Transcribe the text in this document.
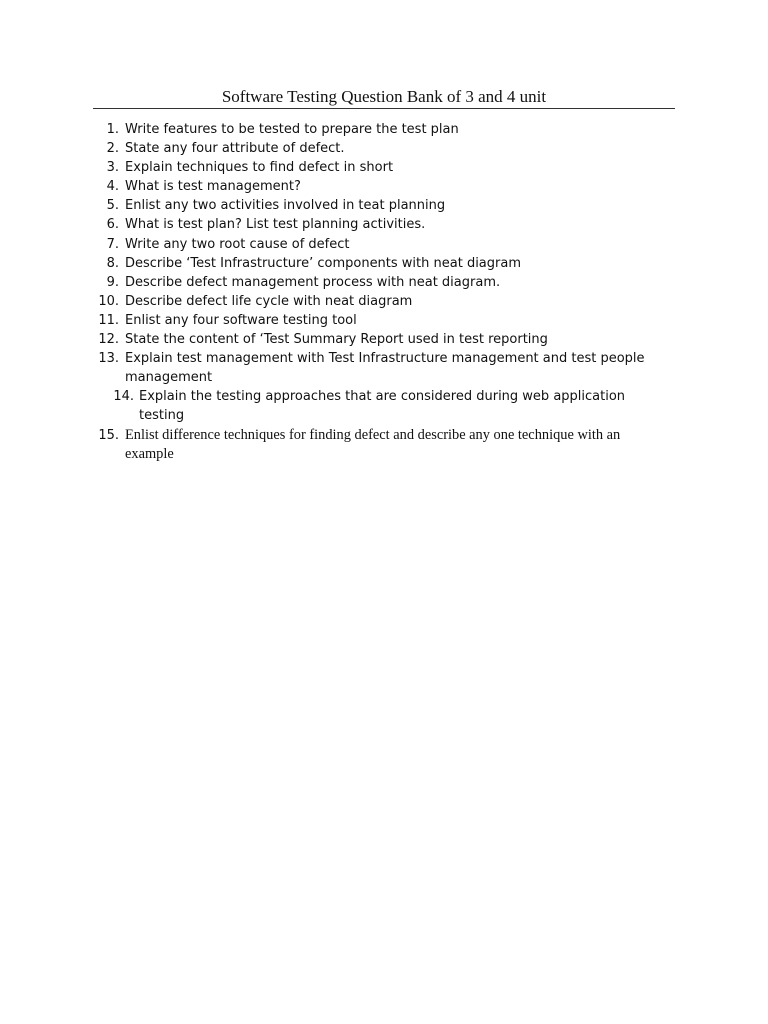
Software Testing Question Bank of 3 and 4 unit
1. Write features to be tested to prepare the test plan
2. State any four attribute of defect.
3. Explain techniques to find defect in short
4. What is test management?
5. Enlist any two activities involved in teat planning
6. What is test plan? List test planning activities.
7. Write any two root cause of defect
8. Describe ‘Test Infrastructure’ components with neat diagram
9. Describe defect management process with neat diagram.
10. Describe defect life cycle with neat diagram
11. Enlist any four software testing tool
12. State the content of ‘Test Summary Report used in test reporting
13. Explain test management with Test Infrastructure management and test people management
14. Explain the testing approaches that are considered during web application testing
15. Enlist difference techniques for finding defect and describe any one technique with an example
